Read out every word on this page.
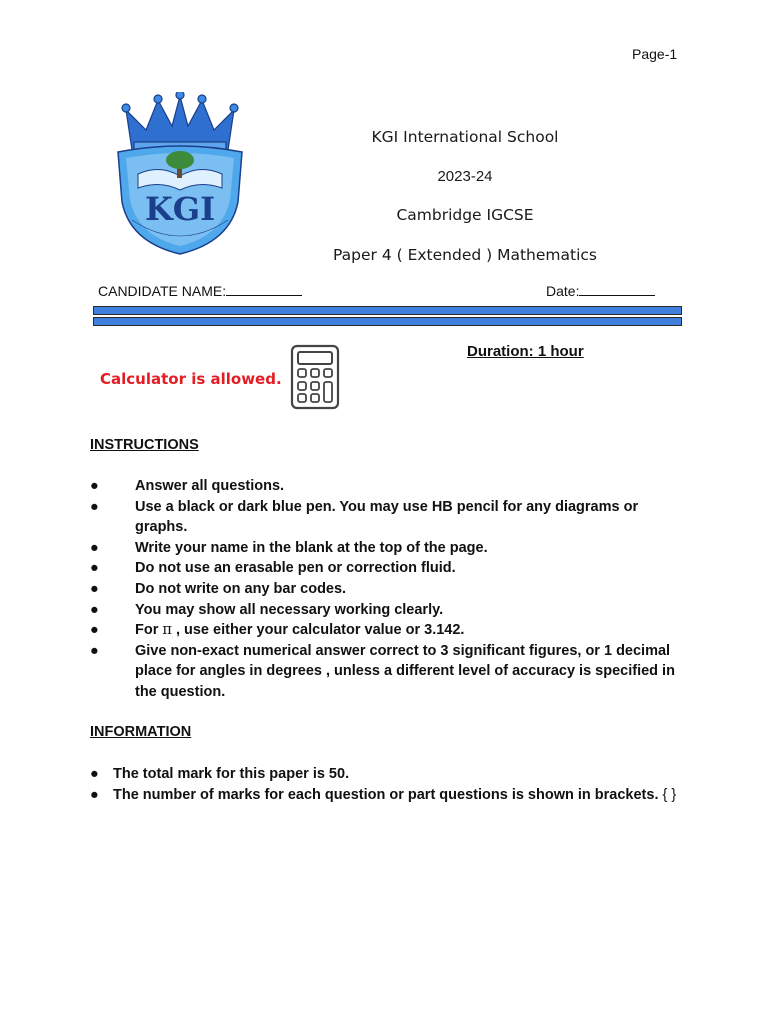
Page-1
KGI
KGI International School
2023-24
Cambridge IGCSE
Paper 4 ( Extended ) Mathematics
CANDIDATE NAME:	Date:
Calculator is allowed.
Duration: 1 hour
INSTRUCTIONS
● Answer all questions.
● Use a black or dark blue pen. You may use HB pencil for any diagrams or graphs.
● Write your name in the blank at the top of the page.
● Do not use an erasable pen or correction fluid.
● Do not write on any bar codes.
● You may show all necessary working clearly.
● For π , use either your calculator value or 3.142.
● Give non-exact numerical answer correct to 3 significant figures, or 1 decimal place for angles in degrees , unless a different level of accuracy is specified in the question.
INFORMATION
● The total mark for this paper is 50.
● The number of marks for each question or part questions is shown in brackets. { }
